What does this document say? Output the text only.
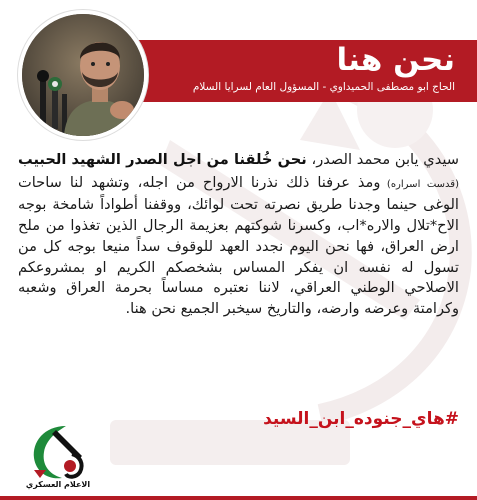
نحن هنا
الحاج ابو مصطفى الحميداوي - المسؤول العام لسرايا السلام
سيدي يابن محمد الصدر، نحن خُلقنا من اجل الصدر الشهيد الحبيب (قدست اسراره) ومذ عرفنا ذلك نذرنا الارواح من اجله، وتشهد لنا ساحات الوغى حينما وجدنا طريق نصرته تحت لوائك، ووقفنا أطواداً شامخة بوجه الاح*تلال والاره*اب، وكسرنا شوكتهم بعزيمة الرجال الذين تغذوا من ملح ارض العراق، فها نحن اليوم نجدد العهد للوقوف سداً منيعا بوجه كل من تسول له نفسه ان يفكر المساس بشخصكم الكريم او بمشروعكم الاصلاحي الوطني العراقي، لاننا نعتبره مساساً بحرمة العراق وشعبه وكرامتة وعرضه وارضه، والتاريخ سيخبر الجميع نحن هنا.
#هاي_جنوده_ابن_السيد
الاعلام العسكري
